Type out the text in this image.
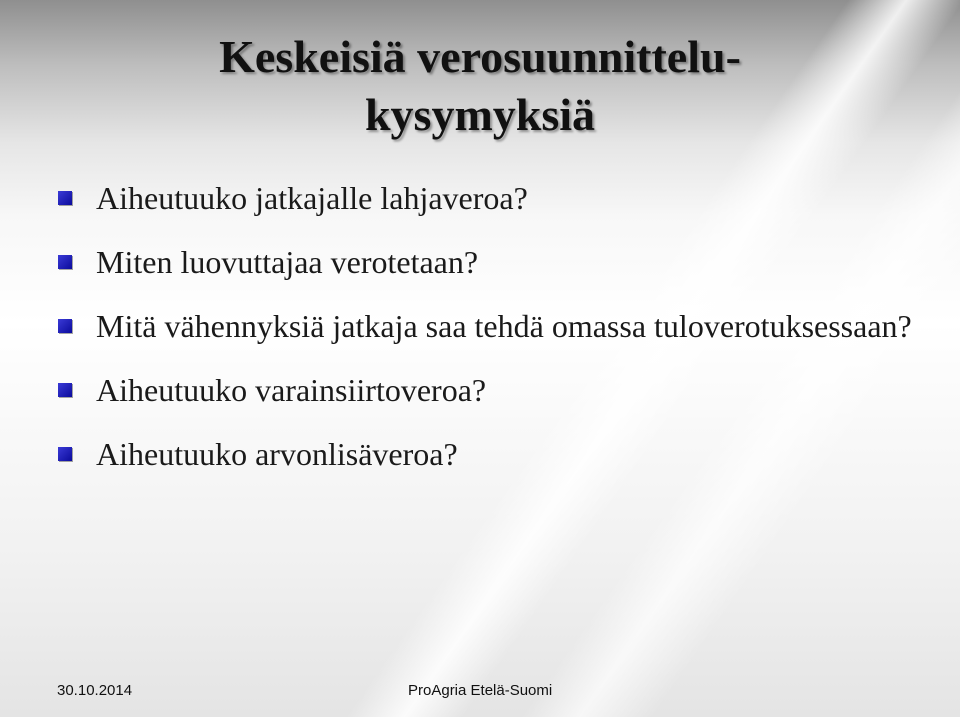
Keskeisiä verosuunnittelu-
kysymyksiä
Aiheutuuko jatkajalle lahjaveroa?
Miten luovuttajaa verotetaan?
Mitä vähennyksiä jatkaja saa tehdä omassa tuloverotuksessaan?
Aiheutuuko varainsiirtoveroa?
Aiheutuuko arvonlisäveroa?
30.10.2014	ProAgria Etelä-Suomi
